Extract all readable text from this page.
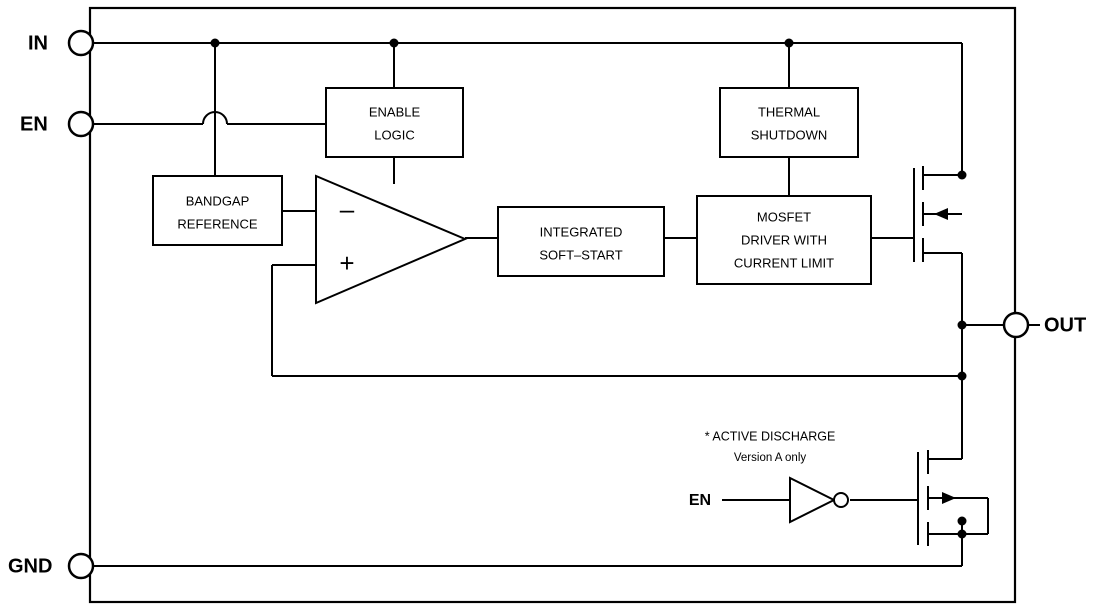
IN
EN
GND
OUT
ENABLE
LOGIC
THERMAL
SHUTDOWN
BANDGAP
REFERENCE
INTEGRATED
SOFT–START
MOSFET
DRIVER WITH
CURRENT LIMIT
–
+
* ACTIVE DISCHARGE
Version A only
EN
